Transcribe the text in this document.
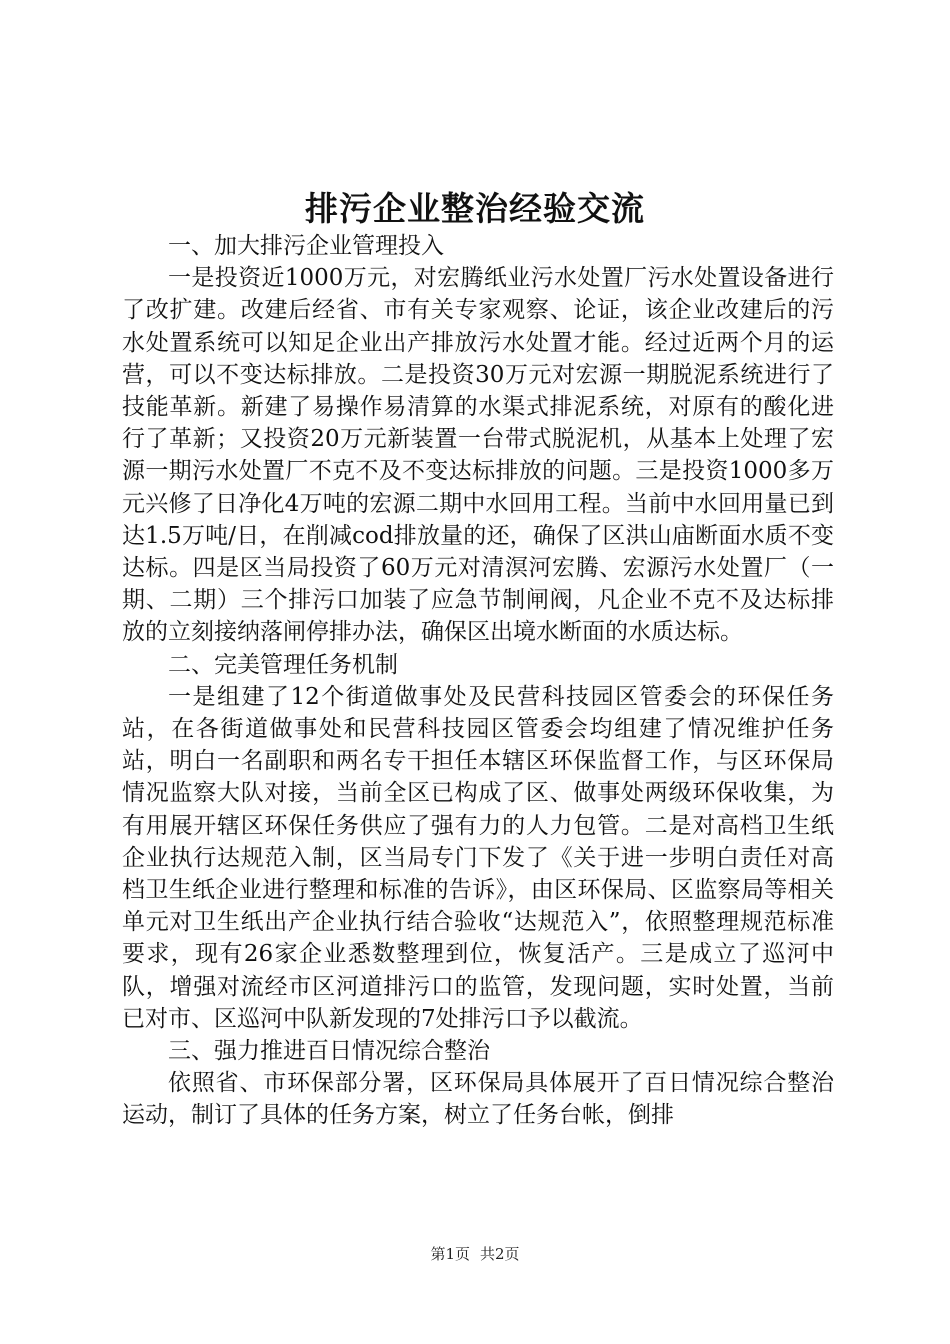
排污企业整治经验交流

一、加大排污企业管理投入

一是投资近1000万元，对宏腾纸业污水处置厂污水处置设备进行了改扩建。改建后经省、市有关专家观察、论证，该企业改建后的污水处置系统可以知足企业出产排放污水处置才能。经过近两个月的运营，可以不变达标排放。二是投资30万元对宏源一期脱泥系统进行了技能革新。新建了易操作易清算的水渠式排泥系统，对原有的酸化进行了革新；又投资20万元新装置一台带式脱泥机，从基本上处理了宏源一期污水处置厂不克不及不变达标排放的问题。三是投资1000多万元兴修了日净化4万吨的宏源二期中水回用工程。当前中水回用量已到达1.5万吨/日，在削减cod排放量的还，确保了区洪山庙断面水质不变达标。四是区当局投资了60万元对清溟河宏腾、宏源污水处置厂（一期、二期）三个排污口加装了应急节制闸阀，凡企业不克不及达标排放的立刻接纳落闸停排办法，确保区出境水断面的水质达标。

二、完美管理任务机制

一是组建了12个街道做事处及民营科技园区管委会的环保任务站，在各街道做事处和民营科技园区管委会均组建了情况维护任务站，明白一名副职和两名专干担任本辖区环保监督工作，与区环保局情况监察大队对接，当前全区已构成了区、做事处两级环保收集，为有用展开辖区环保任务供应了强有力的人力包管。二是对高档卫生纸企业执行达规范入制，区当局专门下发了《关于进一步明白责任对高档卫生纸企业进行整理和标准的告诉》，由区环保局、区监察局等相关单元对卫生纸出产企业执行结合验收“达规范入”，依照整理规范标准要求，现有26家企业悉数整理到位，恢复活产。三是成立了巡河中队，增强对流经市区河道排污口的监管，发现问题，实时处置，当前已对市、区巡河中队新发现的7处排污口予以截流。

三、强力推进百日情况综合整治

依照省、市环保部分署，区环保局具体展开了百日情况综合整治运动，制订了具体的任务方案，树立了任务台帐，倒排

第1页 共2页
